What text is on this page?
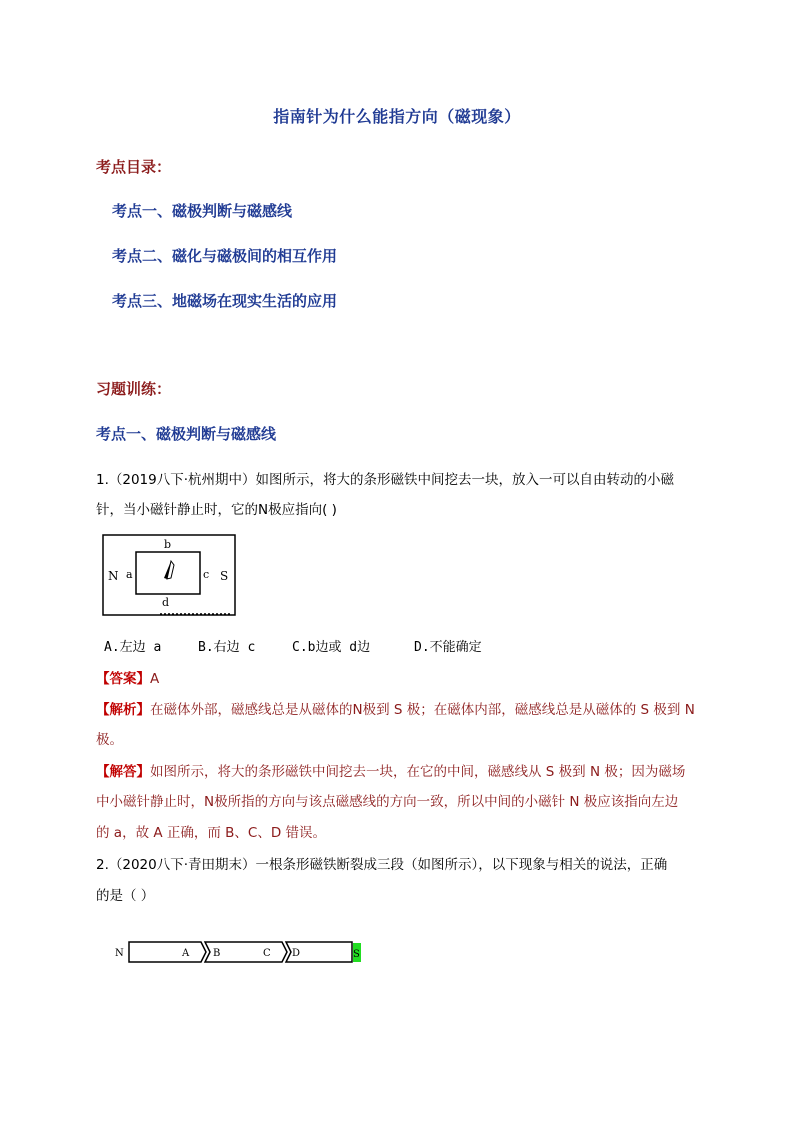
指南针为什么能指方向（磁现象）
考点目录：
考点一、磁极判断与磁感线
考点二、磁化与磁极间的相互作用
考点三、地磁场在现实生活的应用
习题训练：
考点一、磁极判断与磁感线
1.（2019八下·杭州期中）如图所示，将大的条形磁铁中间挖去一块，放入一可以自由转动的小磁
针，当小磁针静止时，它的N极应指向( )
N	S
a
b
c
d
A.左边 a	B.右边 c	C.b边或 d边	D.不能确定
【答案】A
【解析】在磁体外部，磁感线总是从磁体的N极到 S 极；在磁体内部，磁感线总是从磁体的 S 极到 N
极。
【解答】如图所示，将大的条形磁铁中间挖去一块，在它的中间，磁感线从 S 极到 N 极；因为磁场
中小磁针静止时，N极所指的方向与该点磁感线的方向一致，所以中间的小磁针 N 极应该指向左边
的 a，故 A 正确，而 B、C、D 错误。
2.（2020八下·青田期末）一根条形磁铁断裂成三段（如图所示），以下现象与相关的说法，正确
的是（ ）
N	A B	C D	S
